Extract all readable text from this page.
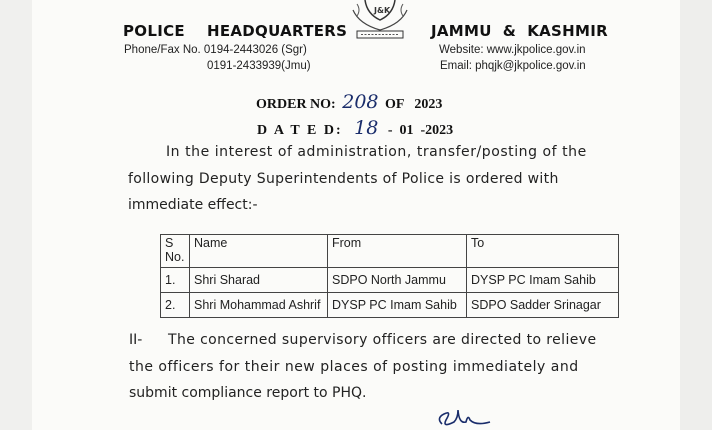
J&K
POLICE HEADQUARTERS	JAMMU  &  KASHMIR
Phone/Fax No. 0194-2443026 (Sgr)
0191-2433939(Jmu)
Website: www.jkpolice.gov.in
Email: phqjk@jkpolice.gov.in
ORDER NO: 208 OF 2023
D A T E D: 18 -  01  -2023
In the interest of administration, transfer/posting of the
following Deputy Superintendents of Police is ordered with
immediate effect:-
S No.	Name	From	To
1.	Shri Sharad	SDPO North Jammu	DYSP PC Imam Sahib
2.	Shri Mohammad Ashrif	DYSP PC Imam Sahib	SDPO Sadder Srinagar
II- The concerned supervisory officers are directed to relieve
the officers for their new places of posting immediately and
submit compliance report to PHQ.
